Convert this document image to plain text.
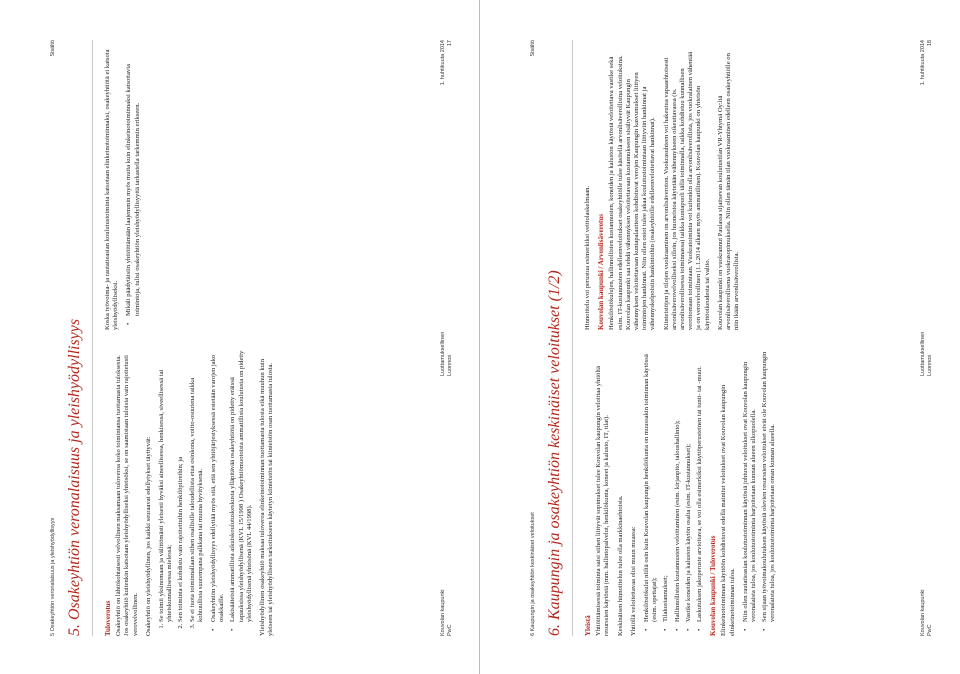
5 Osakeyhtiön veronalaisuus ja yleishyödyllisyys
Sisältö
5. Osakeyhtiön veronalaisuus ja yleishyödyllisyys	Tuloverotus Osakeyhtiö on lähtökohtaisesti velvollinen maksamaan tuloveroa koko toimintansa tuottamasta tuloksesta. Jos osakeyhtiö kuitenkin katsotaan yleishyödylliseksi yhteisöksi, se on saamistaan tuloista vain rajoitetusti verovelvollinen. Osakeyhtiö on yleishyödyllinen, jos kaikki seuraavat edellytykset täyttyvät: 1. Se toimii yksinomaan ja välittömästi yleisesti hyväksi aineellisessa, henkisessä, siveellisessä tai yhteiskunnallisessa mielessä; 2. Sen toiminta ei kohdistu vain rajoitettuihin henkilöpiireihin; ja 3. Se ei tuota toiminnallaan siihen osallisille taloudellista etua osinkona, voitto-osuutena taikka kohtuullista suurempana palkkana tai muuna hyvityksenä. • Osakeyhtiön yleishyödyllisyys edellyttää myös sitä, että sen yhtiöjärjestyksessä estetään varojen jako osakkaille. • Lakisääteistä ammatillista aikuiskoulutuskeskusta ylläpitävää osakeyhtiötä on pidetty eräissä tapauksissa yleishyödyllisenä (KVL 15/1998 ) Osakeyhtiömuotoista ammatillista koulutusta on pidetty yleishyödyllisenä yhteisönä (KVL 44/1998). Yleishyödyllinen osakeyhtiö maksaa tuloveroa elinkeinotoiminnan tuottamasta tulosta eikä muuhun kuin yleiseen tai yleishyödylliseen tarkoitukseen käytetyn kiinteistön tai kiinteistön osan tuottamasta tulosta.

Koska työvoima- ja rautatieasian koulutustoiminta katsotaan elinkeinotoiminnaksi, osakeyhtiötä ei katsota yleishyödylliseksi. • Mikäli päädytäisiin yhtiöittämään laajemmin myös muita kuin elinkeinotoiminnaksi katsottavia toimintoja, tulisi osakeyhtiön yleishyödyllisyyttä tarkastella tarkemmin erikseen.
Kouvolan kaupunki PwC
Luottamuksellinen Luonnos
1. huhtikuuta 2014 17
6 Kaupungin ja osakeyhtiön keskinäiset veloitukset
Sisältö
6. Kaupungin ja osakeyhtiön keskinäiset veloitukset (1/2)	Yleistä Yhtiöittämisessä toiminta saisi siihen liittyvät sopimukset tulee Kouvolan kaupungin veloittaa yhtiöltä resurssien käytöstä (mm. hallintopalvelut, henkilökunta, koneet ja kalusto, IT, tilat). Keskinäisen hinnoittelun tulee olla markkinaehtoista. Yhtiöllä veloitettavaa olisi muun muassa: • Henkilöstökulut niiltä osin kuin Kouvolan kaupungin henkilökunta on muussakin toiminnan käytössä (esim. opettajat); • Tilakustannukset; • Hallinnollisten kustannusten veloittaminen (esim. kirjanpito, taloushallinto); • Vastike koneiden ja kaluston käytön osalta (esim. IT-kustannukset); • Laskutuksen jakoperuste arvioitava, se voi olla esimerkiksi käyttöperusteinen tai tunti- tai -muut. Kouvolan kaupunki / Tuloverotus Elinkeinotoiminnan käyttöön kohdistuvat edellä mainitut veloitukset ovat Kouvolan kaupungin elinkeinotoiminnan tuloa. • Niin ollen rautatieasian koulutustoiminnan käytöstä johtuvat veloitukset ovat Kouvolan kaupungin veronalaista tuloa, jos koulutustoiminta harjoitetaan kunnan alueen ulkopuolella. • Sen sijaan työvoimakoulutuksen käytöstä olevien resurssien veloitukset eivät ole Kouvolan kaupungin veronalaista tuloa, jos koulutustoiminta harjoitetaan oman kunnan alueella.

Hinnoittelu voi perustua esimerkiksi veittolaskelmaan. Kouvolan kaupunki / Arvonlisäverotus Henkilöstökulujen, hallinnollisten kustannusten, koneiden ja kaluston käytöstä veloitettava vastike sekä esim. IT-kustannusten edelleenveloitukset osakeyhtiölle tulee käsitellä arvonlisäverollisina veloituksina. Kouvolan kaupunki saa tehdä vähennyksen veloitettavaan kustannukseen sisältyvät Kaupungin vähennyksen veloitettavaan kuntapalautteen kohdistuvat verojen Kaupungin kasvumukset liittyen toimintojen hankinnat. Niin ollen ostot tulee jakaa koulutustoimintaan liittyviin hankinnat ja vähennyskelpoisiin hankintoihin (osakeyhtiölle edelleenveloitettavat hankinnat). Kiinteistöjen ja tilojen vuokraaminen on arvonlisäveroton. Vuokrasuhteen voi hakeutua vapaaehtoisesti arvonlisäverovelvolliseksi silloin, jos huoneistoa käytetään vähennykseen oikeuttavassa (ts. arvonlisäverollisessa toiminnassa) taikka kuntapuoli tällä toiminnalla, taikka kohdistuu kunnallisen verottomaan toimintaan. Vuokratoiminta voi kuitenkin olla arvonlisäverollista, jos vuokralainen vähentää ja on verovelvollinen (1.1.2014 alkaen myös ammatillinen). Kouvolan kaupunki on yhteisön käyttöoikeudesta tai valtio. Kouvolan kaupunki on vuokrannut Paulassa sijaitsevan koulutustilan VR-Yhtymä Oy:ltä arvonlisäverollisena vuokrasopimuksella. Niin ollen tämän tilan vuokraaminen edelleen osakeyhtiölle on niin ikään arvonlisäverollista.

Kouvolan kaupunki PwC
Luottamuksellinen Luonnos
1. huhtikuuta 2014 18
